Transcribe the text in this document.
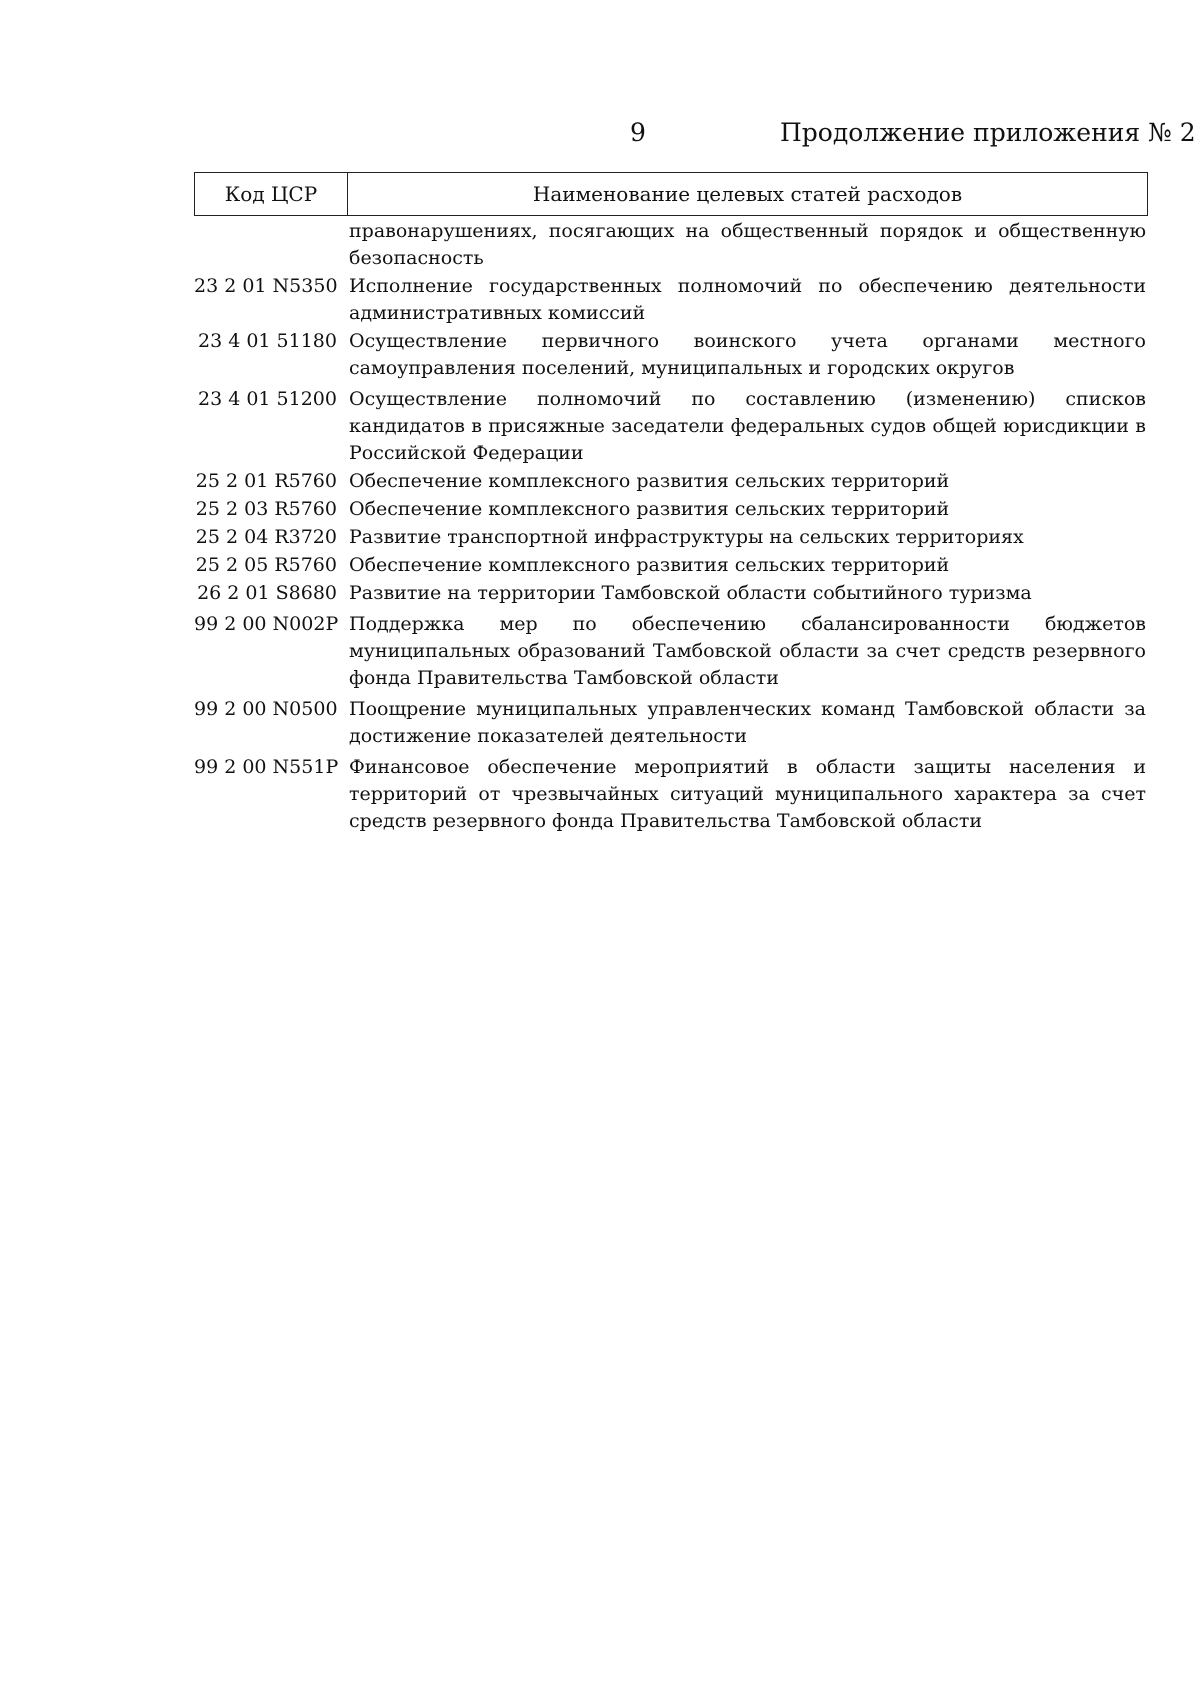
9	Продолжение приложения № 2
Код ЦСР	Наименование целевых статей расходов
правонарушениях, посягающих на общественный порядок и общественную безопасность
23 2 01 N5350 Исполнение государственных полномочий по обеспечению деятельности административных комиссий
23 4 01 51180 Осуществление первичного воинского учета органами местного самоуправления поселений, муниципальных и городских округов
23 4 01 51200 Осуществление полномочий по составлению (изменению) списков кандидатов в присяжные заседатели федеральных судов общей юрисдикции в Российской Федерации
25 2 01 R5760 Обеспечение комплексного развития сельских территорий
25 2 03 R5760 Обеспечение комплексного развития сельских территорий
25 2 04 R3720 Развитие транспортной инфраструктуры на сельских территориях
25 2 05 R5760 Обеспечение комплексного развития сельских территорий
26 2 01 S8680 Развитие на территории Тамбовской области событийного туризма
99 2 00 N002P Поддержка мер по обеспечению сбалансированности бюджетов муниципальных образований Тамбовской области за счет средств резервного фонда Правительства Тамбовской области
99 2 00 N0500 Поощрение муниципальных управленческих команд Тамбовской области за достижение показателей деятельности
99 2 00 N551P Финансовое обеспечение мероприятий в области защиты населения и территорий от чрезвычайных ситуаций муниципального характера за счет средств резервного фонда Правительства Тамбовской области
